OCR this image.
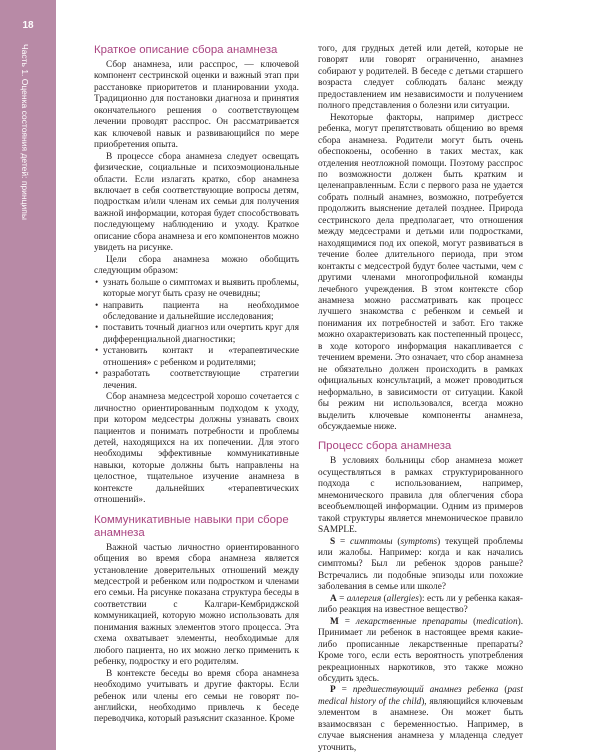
18
Часть 1. Оценка состояния детей: принципы	Краткое описание сбора анамнеза

Сбор анамнеза, или расспрос, — ключевой компонент сестринской оценки и важный этап при расстановке приоритетов и планировании ухода. Традиционно для постановки диагноза и принятия окончательного решения о соответствующем лечении проводят расспрос. Он рассматривается как ключевой навык и развивающийся по мере приобретения опыта.

В процессе сбора анамнеза следует освещать физические, социальные и психоэмоциональные области. Если излагать кратко, сбор анамнеза включает в себя соответствующие вопросы детям, подросткам и/или членам их семьи для получения важной информации, которая будет способствовать последующему наблюдению и уходу. Краткое описание сбора анамнеза и его компонентов можно увидеть на рисунке.

Цели сбора анамнеза можно обобщить следующим образом:

• узнать больше о симптомах и выявить проблемы, которые могут быть сразу не очевидны;
• направить пациента на необходимое обследование и дальнейшие исследования;
• поставить точный диагноз или очертить круг для дифференциальной диагностики;
• установить контакт и «терапевтические отношения» с ребенком и родителями;
• разработать соответствующие стратегии лечения.

Сбор анамнеза медсестрой хорошо сочетается с личностно ориентированным подходом к уходу, при котором медсестры должны узнавать своих пациентов и понимать потребности и проблемы детей, находящихся на их попечении. Для этого необходимы эффективные коммуникативные навыки, которые должны быть направлены на целостное, тщательное изучение анамнеза в контексте дальнейших «терапевтических отношений».

Коммуникативные навыки при сборе анамнеза

Важной частью личностно ориентированного общения во время сбора анамнеза является установление доверительных отношений между медсестрой и ребенком или подростком и членами его семьи. На рисунке показана структура беседы в соответствии с Калгари-Кембриджской коммуникацией, которую можно использовать для понимания важных элементов этого процесса. Эта схема охватывает элементы, необходимые для любого пациента, но их можно легко применить к ребенку, подростку и его родителям.

В контексте беседы во время сбора анамнеза необходимо учитывать и другие факторы. Если ребенок или члены его семьи не говорят по-английски, необходимо привлечь к беседе переводчика, который разъяснит сказанное. Кроме

того, для грудных детей или детей, которые не говорят или говорят ограниченно, анамнез собирают у родителей. В беседе с детьми старшего возраста следует соблюдать баланс между предоставлением им независимости и получением полного представления о болезни или ситуации.

Некоторые факторы, например дистресс ребенка, могут препятствовать общению во время сбора анамнеза. Родители могут быть очень обеспокоены, особенно в таких местах, как отделения неотложной помощи. Поэтому расспрос по возможности должен быть кратким и целенаправленным. Если с первого раза не удается собрать полный анамнез, возможно, потребуется продолжить выяснение деталей позднее. Природа сестринского дела предполагает, что отношения между медсестрами и детьми или подростками, находящимися под их опекой, могут развиваться в течение более длительного периода, при этом контакты с медсестрой будут более частыми, чем с другими членами многопрофильной команды лечебного учреждения. В этом контексте сбор анамнеза можно рассматривать как процесс лучшего знакомства с ребенком и семьей и понимания их потребностей и забот. Его также можно охарактеризовать как постепенный процесс, в ходе которого информация накапливается с течением времени. Это означает, что сбор анамнеза не обязательно должен происходить в рамках официальных консультаций, а может проводиться неформально, в зависимости от ситуации. Какой бы режим ни использовался, всегда можно выделить ключевые компоненты анамнеза, обсуждаемые ниже.

Процесс сбора анамнеза

В условиях больницы сбор анамнеза может осуществляться в рамках структурированного подхода с использованием, например, мнемонического правила для облегчения сбора всеобъемлющей информации. Одним из примеров такой структуры является мнемоническое правило SAMPLE.

S = симптомы (symptoms) текущей проблемы или жалобы. Например: когда и как начались симптомы? Был ли ребенок здоров раньше? Встречались ли подобные эпизоды или похожие заболевания в семье или школе?

A = аллергия (allergies): есть ли у ребенка какая-либо реакция на известное вещество?

M = лекарственные препараты (medication). Принимает ли ребенок в настоящее время какие-либо прописанные лекарственные препараты? Кроме того, если есть вероятность употребления рекреационных наркотиков, это также можно обсудить здесь.

P = предшествующий анамнез ребенка (past medical history of the child), являющийся ключевым элементом в анамнезе. Он может быть взаимосвязан с беременностью. Например, в случае выяснения анамнеза у младенца следует уточнить,
